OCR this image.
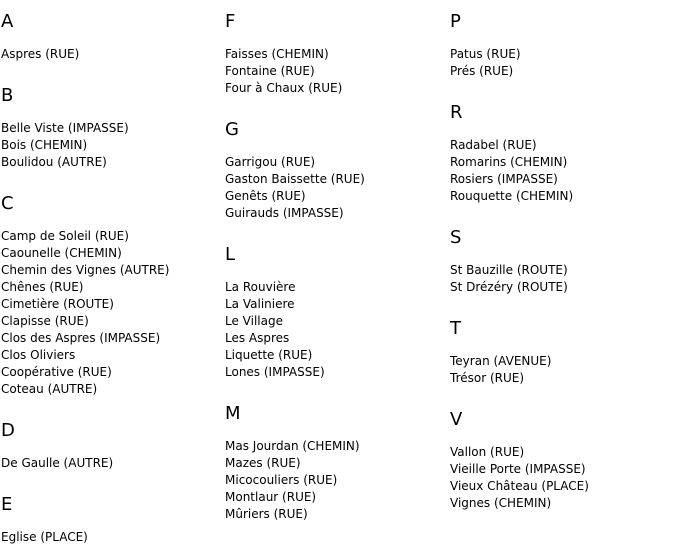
A
Aspres (RUE)
B
Belle Viste (IMPASSE)
Bois (CHEMIN)
Boulidou (AUTRE)
C
Camp de Soleil (RUE)
Caounelle (CHEMIN)
Chemin des Vignes (AUTRE)
Chênes (RUE)
Cimetière (ROUTE)
Clapisse (RUE)
Clos des Aspres (IMPASSE)
Clos Oliviers
Coopérative (RUE)
Coteau (AUTRE)
D
De Gaulle (AUTRE)
E
Eglise (PLACE)
F
Faisses (CHEMIN)
Fontaine (RUE)
Four à Chaux (RUE)
G
Garrigou (RUE)
Gaston Baissette (RUE)
Genêts (RUE)
Guirauds (IMPASSE)
L
La Rouvière
La Valiniere
Le Village
Les Aspres
Liquette (RUE)
Lones (IMPASSE)
M
Mas Jourdan (CHEMIN)
Mazes (RUE)
Micocouliers (RUE)
Montlaur (RUE)
Mûriers (RUE)
P
Patus (RUE)
Prés (RUE)
R
Radabel (RUE)
Romarins (CHEMIN)
Rosiers (IMPASSE)
Rouquette (CHEMIN)
S
St Bauzille (ROUTE)
St Drézéry (ROUTE)
T
Teyran (AVENUE)
Trésor (RUE)
V
Vallon (RUE)
Vieille Porte (IMPASSE)
Vieux Château (PLACE)
Vignes (CHEMIN)
